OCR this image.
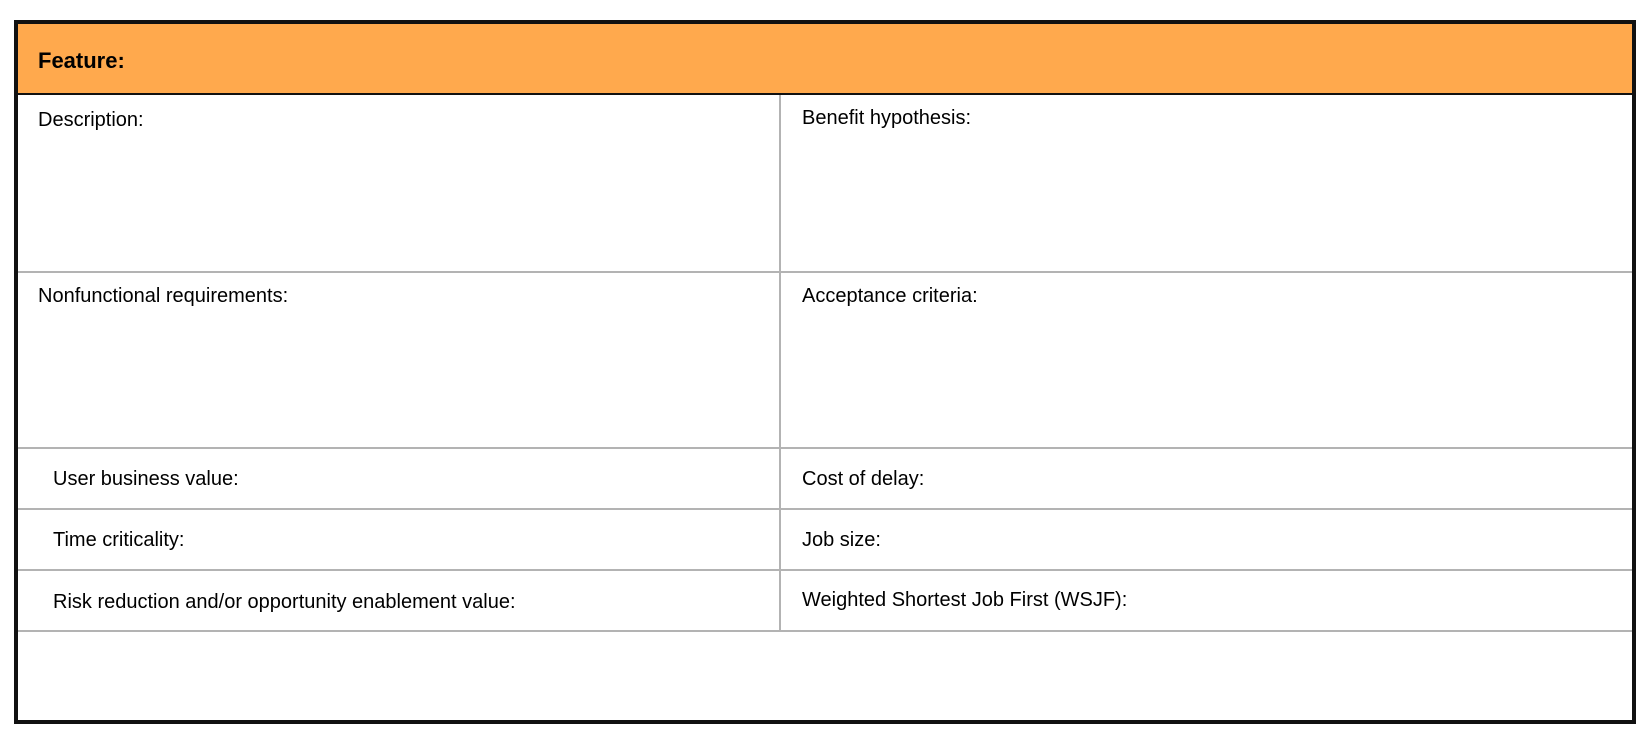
Feature:
Description:
Nonfunctional requirements:
User business value:
Time criticality:
Risk reduction and/or opportunity enablement value:
Benefit hypothesis:
Acceptance criteria:
Cost of delay:
Job size:
Weighted Shortest Job First (WSJF):
